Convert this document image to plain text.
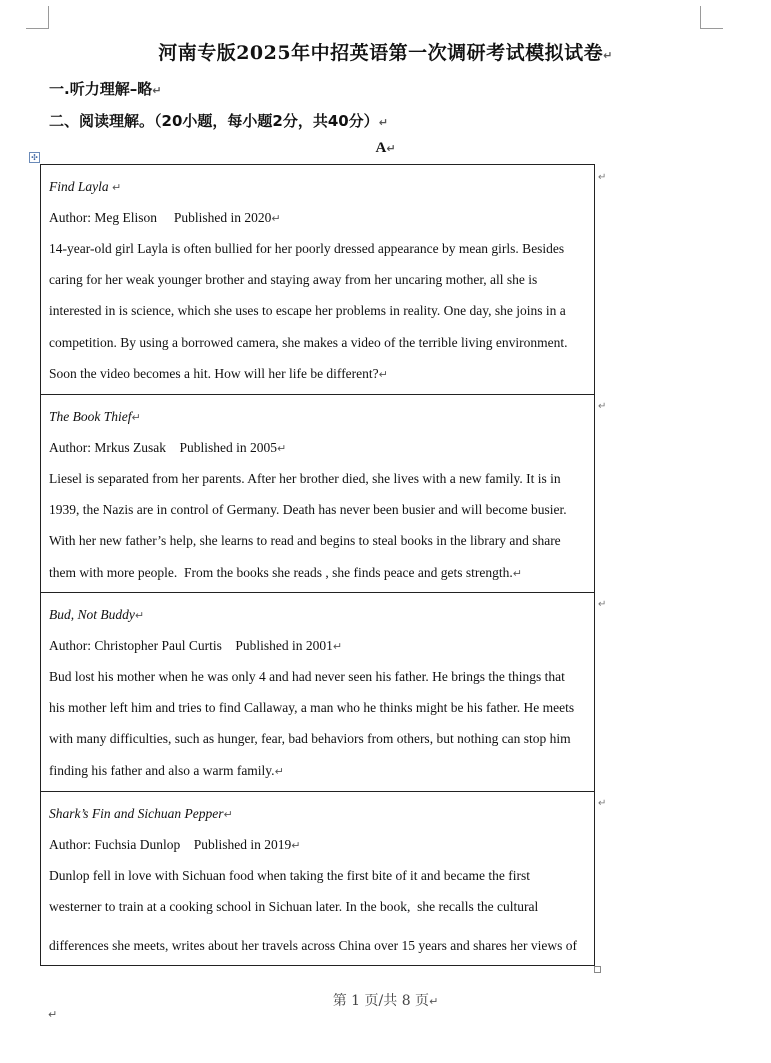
河南专版2025年中招英语第一次调研考试模拟试卷↵
一.听力理解–略↵
二、阅读理解。（20小题，每小题2分，共40分）↵
A↵
✣
Find Layla ↵
Author: Meg Elison     Published in 2020↵
14-year-old girl Layla is often bullied for her poorly dressed appearance by mean girls. Besides
caring for her weak younger brother and staying away from her uncaring mother, all she is
interested in is science, which she uses to escape her problems in reality. One day, she joins in a
competition. By using a borrowed camera, she makes a video of the terrible living environment.
Soon the video becomes a hit. How will her life be different?↵
The Book Thief↵
Author: Mrkus Zusak    Published in 2005↵
Liesel is separated from her parents. After her brother died, she lives with a new family. It is in
1939, the Nazis are in control of Germany. Death has never been busier and will become busier.
With her new father’s help, she learns to read and begins to steal books in the library and share
them with more people.  From the books she reads , she finds peace and gets strength.↵
Bud, Not Buddy↵
Author: Christopher Paul Curtis    Published in 2001↵
Bud lost his mother when he was only 4 and had never seen his father. He brings the things that
his mother left him and tries to find Callaway, a man who he thinks might be his father. He meets
with many difficulties, such as hunger, fear, bad behaviors from others, but nothing can stop him
finding his father and also a warm family.↵
Shark’s Fin and Sichuan Pepper↵
Author: Fuchsia Dunlop    Published in 2019↵
Dunlop fell in love with Sichuan food when taking the first bite of it and became the first
westerner to train at a cooking school in Sichuan later. In the book,  she recalls the cultural
differences she meets, writes about her travels across China over 15 years and shares her views of
↵
↵
↵
↵
第 1 页/共 8 页↵
↵
